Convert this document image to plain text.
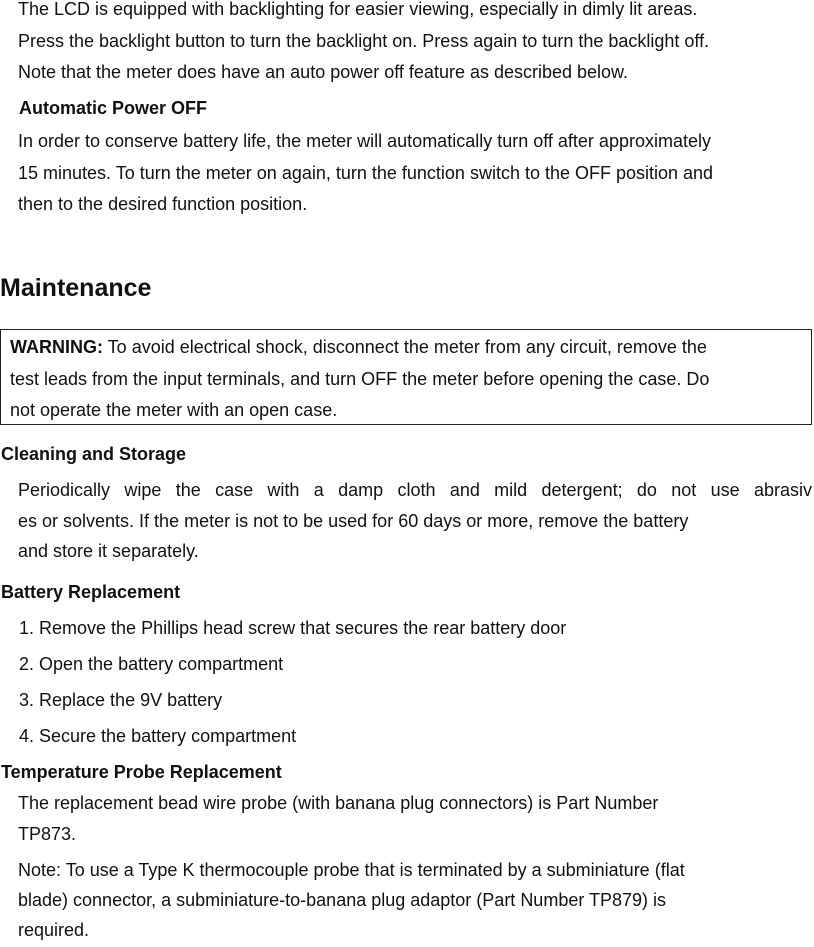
The LCD is equipped with backlighting for easier viewing, especially in dimly lit areas.
Press the backlight button to turn the backlight on. Press again to turn the backlight off.
Note that the meter does have an auto power off feature as described below.
Automatic Power OFF
In order to conserve battery life, the meter will automatically turn off after approximately
15 minutes. To turn the meter on again, turn the function switch to the OFF position and
then to the desired function position.
Maintenance
WARNING: To avoid electrical shock, disconnect the meter from any circuit, remove the
test leads from the input terminals, and turn OFF the meter before opening the case. Do
not operate the meter with an open case.
Cleaning and Storage
Periodically wipe the case with a damp cloth and mild detergent; do not use abrasiv
es or solvents. If the meter is not to be used for 60 days or more, remove the battery
and store it separately.
Battery Replacement
1. Remove the Phillips head screw that secures the rear battery door
2. Open the battery compartment
3. Replace the 9V battery
4. Secure the battery compartment
Temperature Probe Replacement
The replacement bead wire probe (with banana plug connectors) is Part Number
TP873.
Note: To use a Type K thermocouple probe that is terminated by a subminiature (flat
blade) connector, a subminiature-to-banana plug adaptor (Part Number TP879) is
required.
